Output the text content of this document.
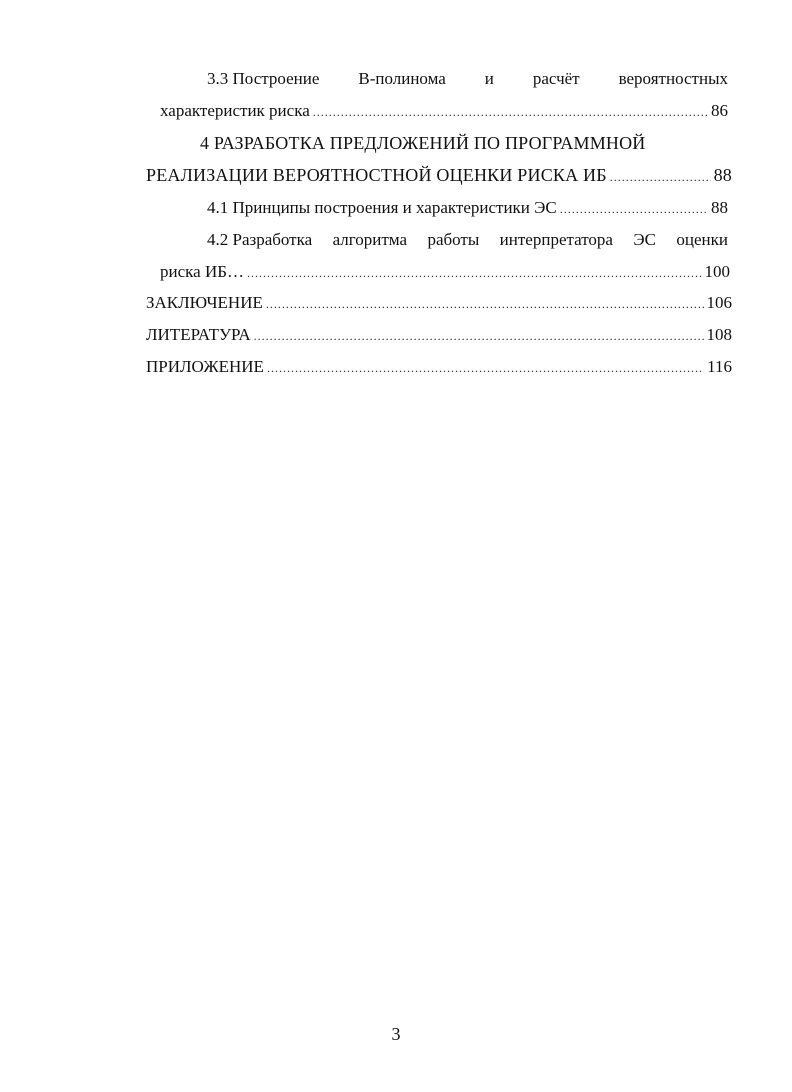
3.3 Построение В-полинома и расчёт вероятностных
характеристик риска .....	86
4 РАЗРАБОТКА ПРЕДЛОЖЕНИЙ ПО ПРОГРАММНОЙ
РЕАЛИЗАЦИИ ВЕРОЯТНОСТНОЙ ОЦЕНКИ РИСКА ИБ .....	88
4.1 Принципы построения и характеристики ЭС .....	88
4.2 Разработка алгоритма работы интерпретатора ЭС оценки
риска ИБ… .....	100
ЗАКЛЮЧЕНИЕ .....	106
ЛИТЕРАТУРА .....	108
ПРИЛОЖЕНИЕ .....	116
3
